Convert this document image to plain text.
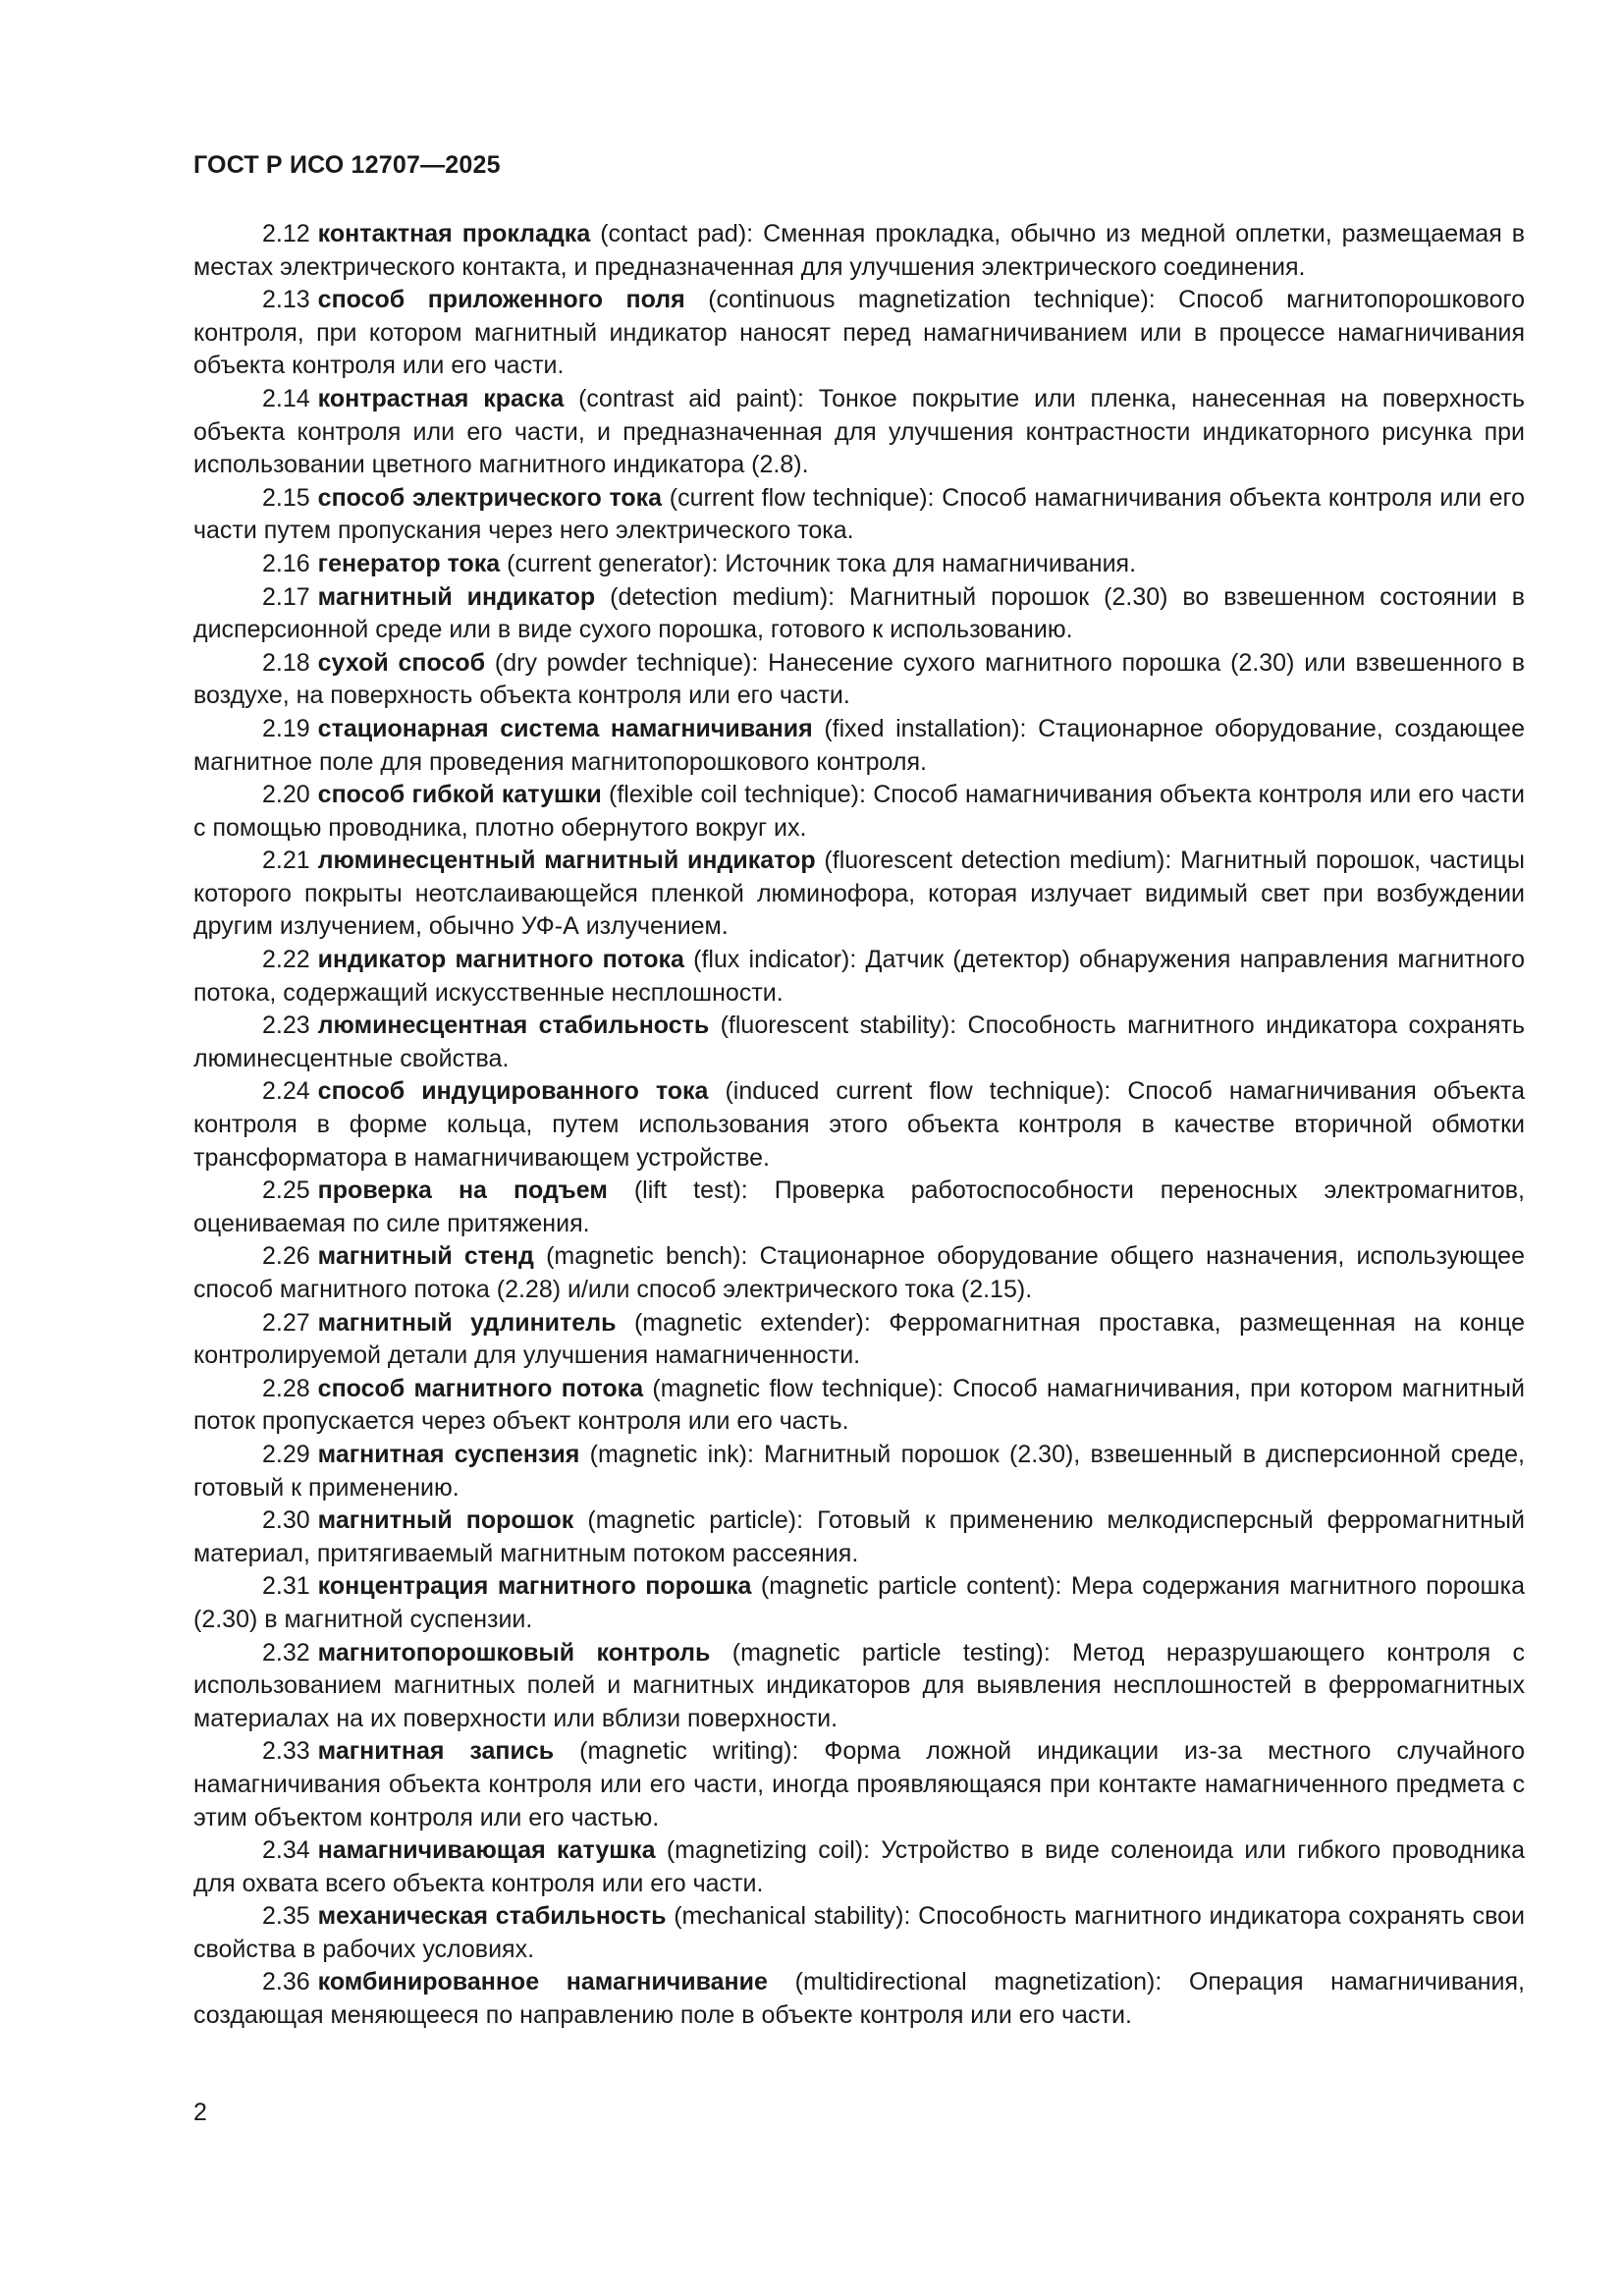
ГОСТ Р ИСО 12707—2025

2.12 контактная прокладка (contact pad): Сменная прокладка, обычно из медной оплетки, размещаемая в местах электрического контакта, и предназначенная для улучшения электрического соединения.

2.13 способ приложенного поля (continuous magnetization technique): Способ магнитопорошкового контроля, при котором магнитный индикатор наносят перед намагничиванием или в процессе намагничивания объекта контроля или его части.

2.14 контрастная краска (contrast aid paint): Тонкое покрытие или пленка, нанесенная на поверхность объекта контроля или его части, и предназначенная для улучшения контрастности индикаторного рисунка при использовании цветного магнитного индикатора (2.8).

2.15 способ электрического тока (current flow technique): Способ намагничивания объекта контроля или его части путем пропускания через него электрического тока.

2.16 генератор тока (current generator): Источник тока для намагничивания.

2.17 магнитный индикатор (detection medium): Магнитный порошок (2.30) во взвешенном состоянии в дисперсионной среде или в виде сухого порошка, готового к использованию.

2.18 сухой способ (dry powder technique): Нанесение сухого магнитного порошка (2.30) или взвешенного в воздухе, на поверхность объекта контроля или его части.

2.19 стационарная система намагничивания (fixed installation): Стационарное оборудование, создающее магнитное поле для проведения магнитопорошкового контроля.

2.20 способ гибкой катушки (flexible coil technique): Способ намагничивания объекта контроля или его части с помощью проводника, плотно обернутого вокруг их.

2.21 люминесцентный магнитный индикатор (fluorescent detection medium): Магнитный порошок, частицы которого покрыты неотслаивающейся пленкой люминофора, которая излучает видимый свет при возбуждении другим излучением, обычно УФ-А излучением.

2.22 индикатор магнитного потока (flux indicator): Датчик (детектор) обнаружения направления магнитного потока, содержащий искусственные несплошности.

2.23 люминесцентная стабильность (fluorescent stability): Способность магнитного индикатора сохранять люминесцентные свойства.

2.24 способ индуцированного тока (induced current flow technique): Способ намагничивания объекта контроля в форме кольца, путем использования этого объекта контроля в качестве вторичной обмотки трансформатора в намагничивающем устройстве.

2.25 проверка на подъем (lift test): Проверка работоспособности переносных электромагнитов, оцениваемая по силе притяжения.

2.26 магнитный стенд (magnetic bench): Стационарное оборудование общего назначения, использующее способ магнитного потока (2.28) и/или способ электрического тока (2.15).

2.27 магнитный удлинитель (magnetic extender): Ферромагнитная проставка, размещенная на конце контролируемой детали для улучшения намагниченности.

2.28 способ магнитного потока (magnetic flow technique): Способ намагничивания, при котором магнитный поток пропускается через объект контроля или его часть.

2.29 магнитная суспензия (magnetic ink): Магнитный порошок (2.30), взвешенный в дисперсионной среде, готовый к применению.

2.30 магнитный порошок (magnetic particle): Готовый к применению мелкодисперсный ферромагнитный материал, притягиваемый магнитным потоком рассеяния.

2.31 концентрация магнитного порошка (magnetic particle content): Мера содержания магнитного порошка (2.30) в магнитной суспензии.

2.32 магнитопорошковый контроль (magnetic particle testing): Метод неразрушающего контроля с использованием магнитных полей и магнитных индикаторов для выявления несплошностей в ферромагнитных материалах на их поверхности или вблизи поверхности.

2.33 магнитная запись (magnetic writing): Форма ложной индикации из-за местного случайного намагничивания объекта контроля или его части, иногда проявляющаяся при контакте намагниченного предмета с этим объектом контроля или его частью.

2.34 намагничивающая катушка (magnetizing coil): Устройство в виде соленоида или гибкого проводника для охвата всего объекта контроля или его части.

2.35 механическая стабильность (mechanical stability): Способность магнитного индикатора сохранять свои свойства в рабочих условиях.

2.36 комбинированное намагничивание (multidirectional magnetization): Операция намагничивания, создающая меняющееся по направлению поле в объекте контроля или его части.

2
